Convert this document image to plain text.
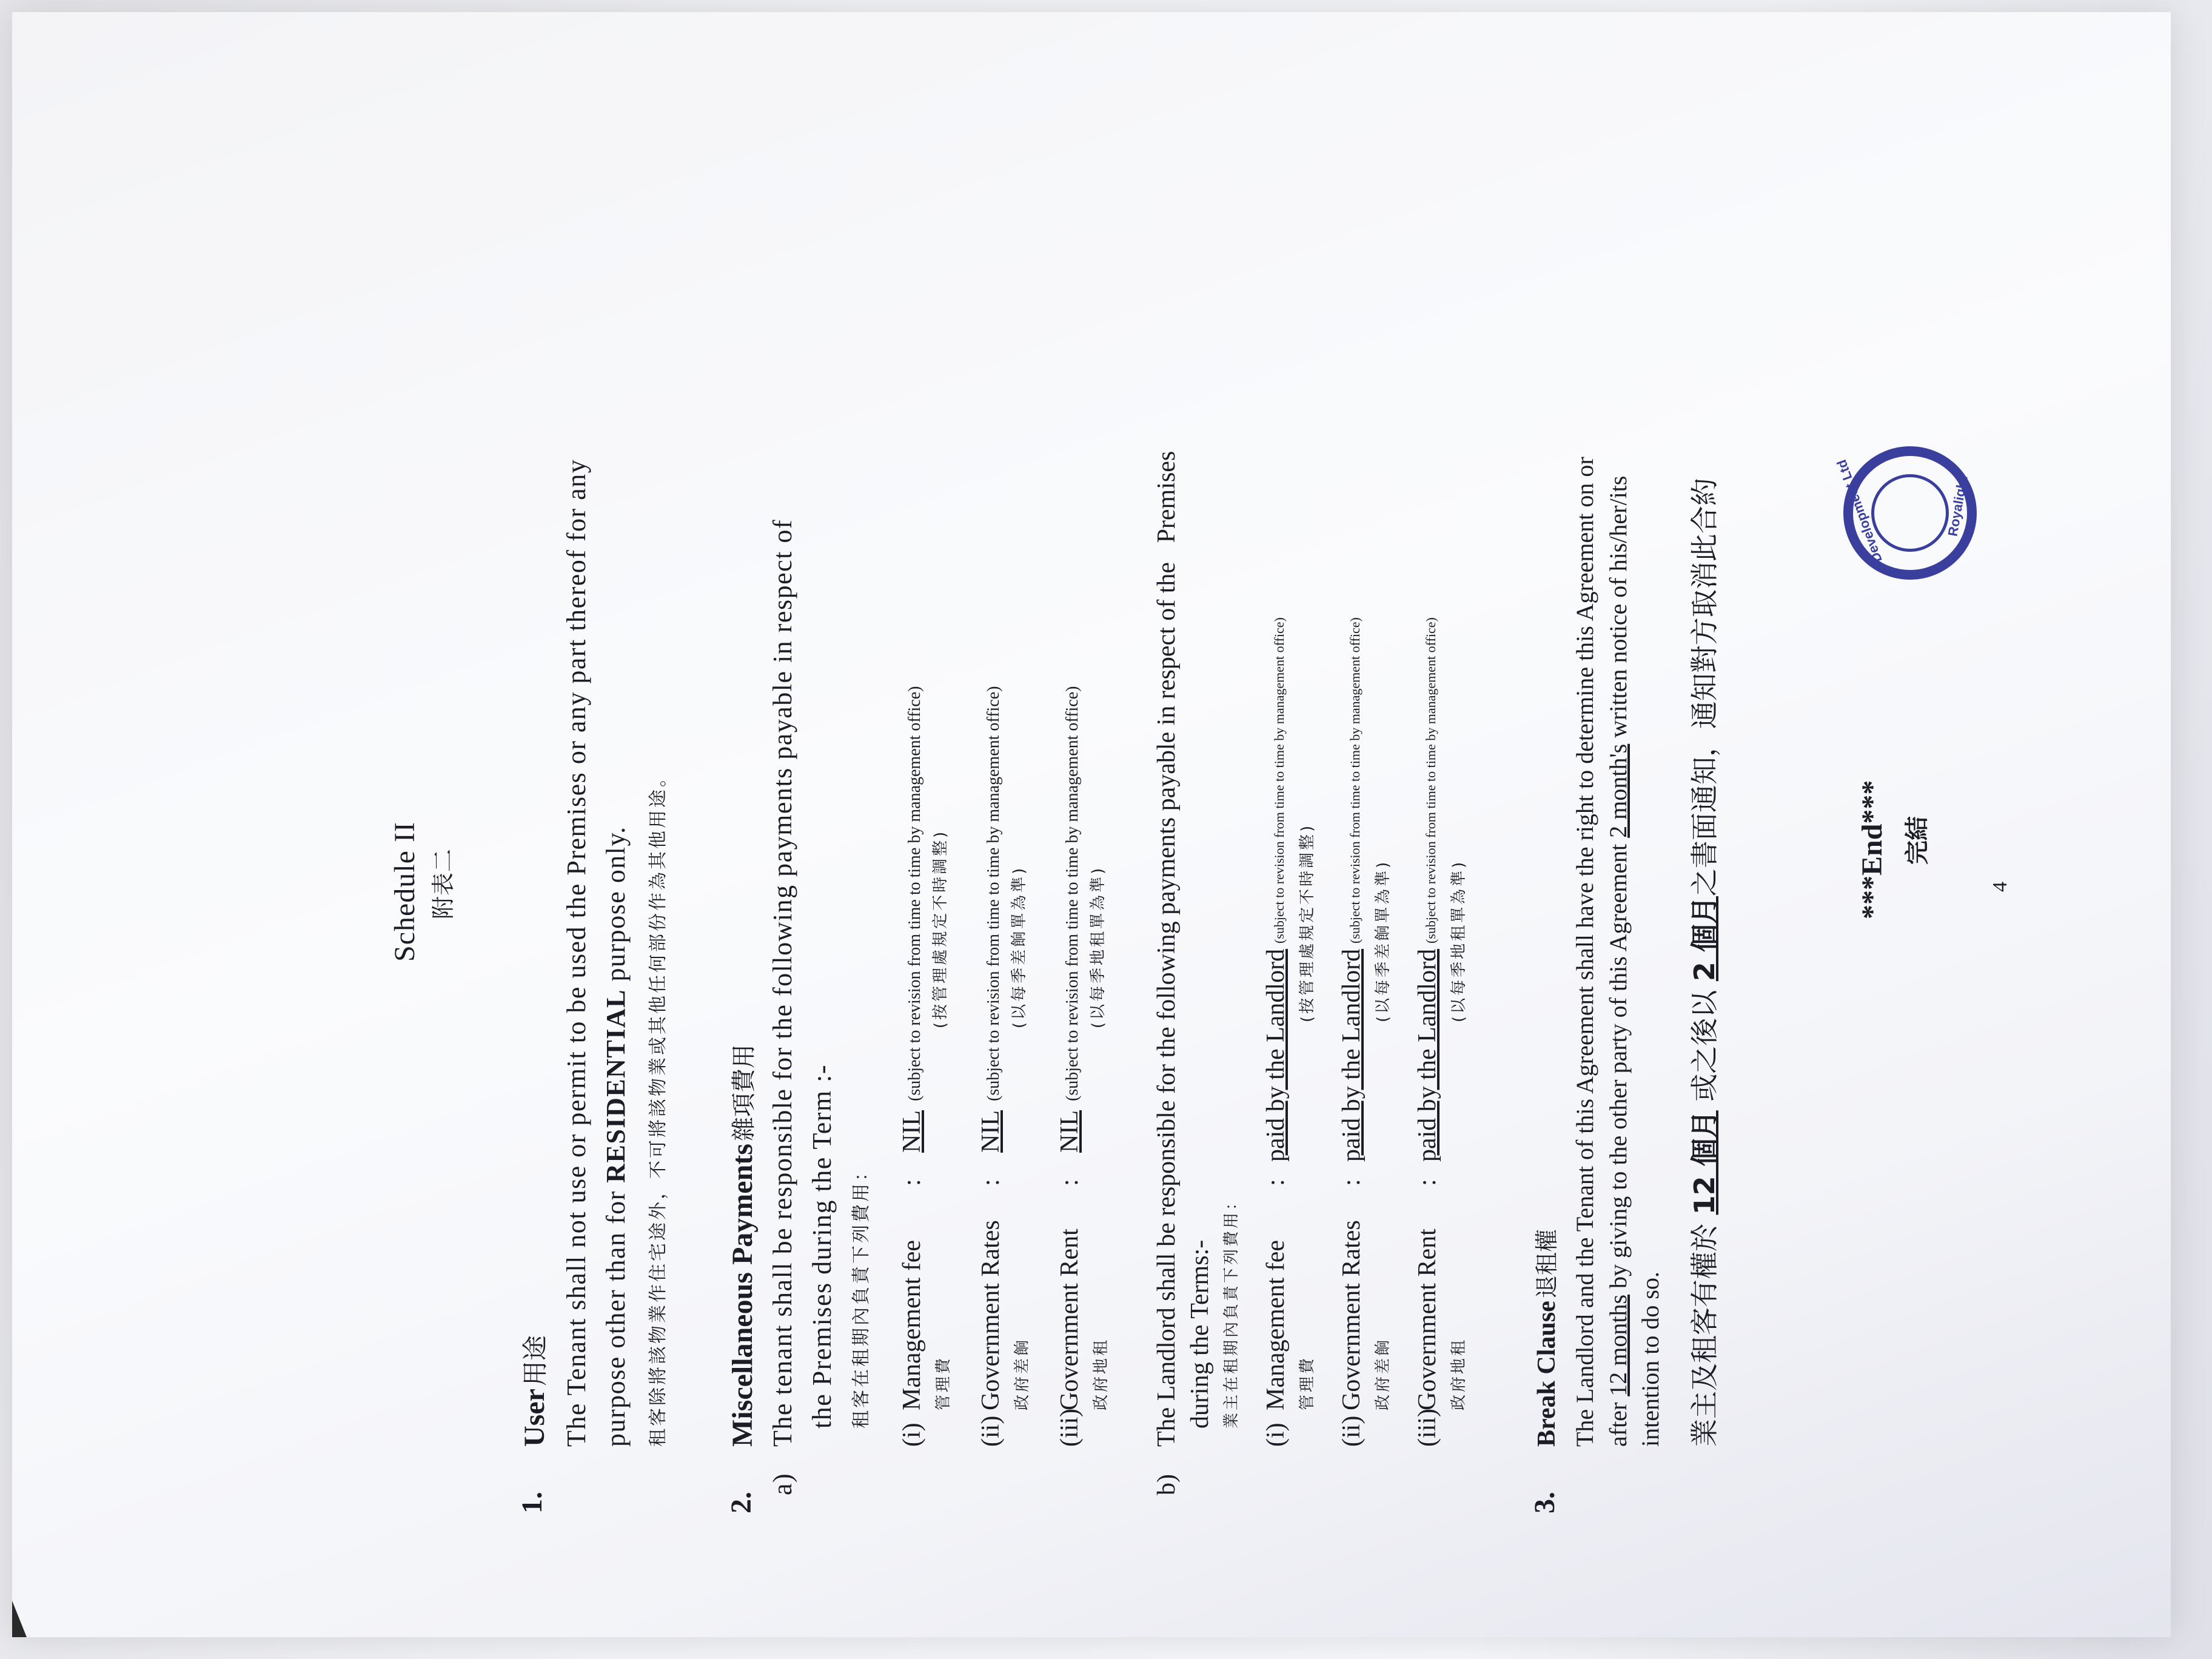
Schedule II 附表二
1.
User 用途 The Tenant shall not use or permit to be used the Premises or any part thereof for any purpose other than for RESIDENTIAL purpose only. 租客除將該物業作住宅途外，不可將該物業或其他任何部份作為其他用途。
2.
Miscellaneous Payments 雜項費用
a)
The tenant shall be responsible for the following payments payable in respect of the Premises during the Term :- 租客在租期內負責下列費用：
(i)Management fee:NIL(subject to revision from time to time by management office)
管理費
(按管理處規定不時調整)
(ii)Government Rates:NIL(subject to revision from time to time by management office)
政府差餉
(以每季差餉單為準)
(iii)Government Rent:NIL(subject to revision from time to time by management office)
政府地租
(以每季地租單為準)
b)
The Landlord shall be responsible for the following payments payable in respect of the   Premises during the Terms:- 業主在租期內負責下列費用：
(i)Management fee:paid by the Landlord(subject to revision from time to time by management office)
管理費
(按管理處規定不時調整)
(ii)Government Rates:paid by the Landlord(subject to revision from time to time by management office)
政府差餉
(以每季差餉單為準)
(iii)Government Rent:paid by the Landlord(subject to revision from time to time by management office)
政府地租
(以每季地租單為準)
3.
Break Clause 退租權 The Landlord and the Tenant of this Agreement shall have the right to determine this Agreement on or after 12 months by giving to the other party of this Agreement 2 month's written notice of his/her/its
intention to do so. 業主及租客有權於 12 個月 或之後以 2 個月之書面通知，通知對方取消此合約	***End*** 完結
4
Development Ltd	Royalight
